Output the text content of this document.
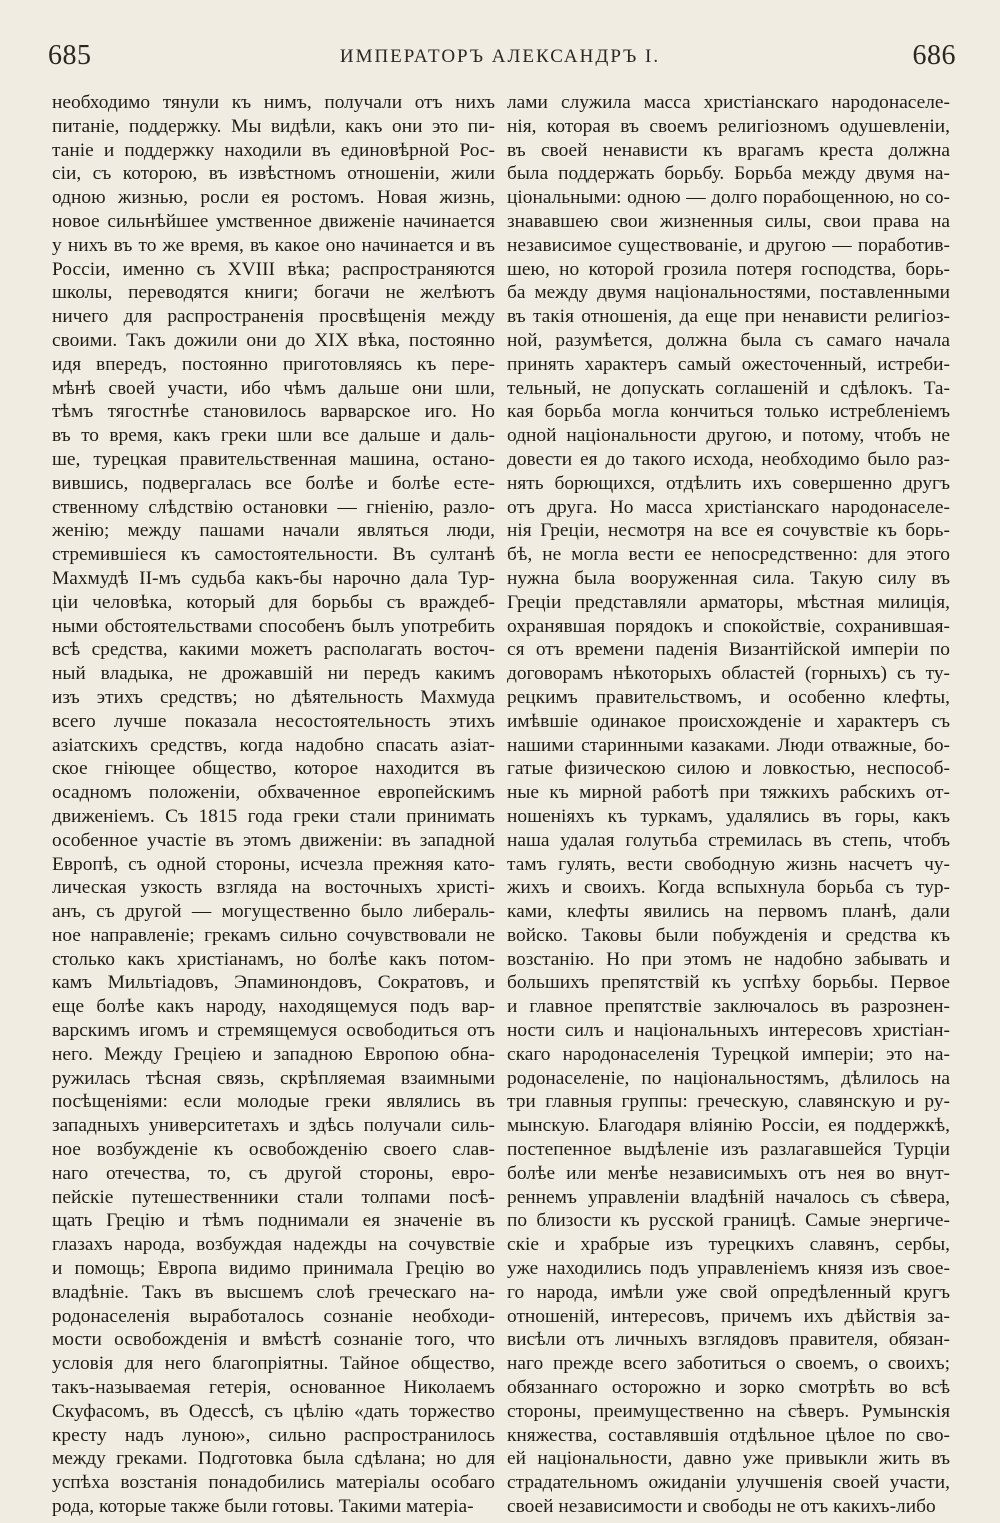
685	ИМПЕРАТОРЪ АЛЕКСАНДРЪ I.	686
необходимо тянули къ нимъ, получали отъ нихъ
питаніе, поддержку. Мы видѣли, какъ они это пи-
таніе и поддержку находили въ единовѣрной Рос-
сіи, съ которою, въ извѣстномъ отношеніи, жили
одною жизнью, росли ея ростомъ. Новая жизнь,
новое сильнѣйшее умственное движеніе начинается
у нихъ въ то же время, въ какое оно начинается и въ
Россіи, именно съ XVIII вѣка; распространяются
школы, переводятся книги; богачи не желѣютъ
ничего для распространенія просвѣщенія между
своими. Такъ дожили они до XIX вѣка, постоянно
идя впередъ, постоянно приготовляясь къ пере-
мѣнѣ своей участи, ибо чѣмъ дальше они шли,
тѣмъ тягостнѣе становилось варварское иго. Но
въ то время, какъ греки шли все дальше и даль-
ше, турецкая правительственная машина, остано-
вившись, подвергалась все болѣе и болѣе есте-
ственному слѣдствію остановки — гніенію, разло-
женію; между пашами начали являться люди,
стремившіеся къ самостоятельности. Въ султанѣ
Махмудѣ II-мъ судьба какъ-бы нарочно дала Тур-
ціи человѣка, который для борьбы съ враждеб-
ными обстоятельствами способенъ былъ употребить
всѣ средства, какими можетъ располагать восточ-
ный владыка, не дрожавшій ни передъ какимъ
изъ этихъ средствъ; но дѣятельность Махмуда
всего лучше показала несостоятельность этихъ
азіатскихъ средствъ, когда надобно спасать азіат-
ское гніющее общество, которое находится въ
осадномъ положеніи, обхваченное европейскимъ
движеніемъ. Съ 1815 года греки стали принимать
особенное участіе въ этомъ движеніи: въ западной
Европѣ, съ одной стороны, исчезла прежняя като-
лическая узкость взгляда на восточныхъ христі-
анъ, съ другой — могущественно было либераль-
ное направленіе; грекамъ сильно сочувствовали не
столько какъ христіанамъ, но болѣе какъ потом-
камъ Мильтіадовъ, Эпаминондовъ, Сократовъ, и
еще болѣе какъ народу, находящемуся подъ вар-
варскимъ игомъ и стремящемуся освободиться отъ
него. Между Греціею и западною Европою обна-
ружилась тѣсная связь, скрѣпляемая взаимными
посѣщеніями: если молодые греки являлись въ
западныхъ университетахъ и здѣсь получали силь-
ное возбужденіе къ освобожденію своего слав-
наго отечества, то, съ другой стороны, евро-
пейскіе путешественники стали толпами посѣ-
щать Грецію и тѣмъ поднимали ея значеніе въ
глазахъ народа, возбуждая надежды на сочувствіе
и помощь; Европа видимо принимала Грецію во
владѣніе. Такъ въ высшемъ слоѣ греческаго на-
родонаселенія выработалось сознаніе необходи-
мости освобожденія и вмѣстѣ сознаніе того, что
условія для него благопріятны. Тайное общество,
такъ-называемая гетерія, основанное Николаемъ
Скуфасомъ, въ Одессѣ, съ цѣлію «дать торжество
кресту надъ луною», сильно распространилось
между греками. Подготовка была сдѣлана; но для
успѣха возстанія понадобились матеріалы особаго
рода, которые также были готовы. Такими матеріа-
лами служила масса христіанскаго народонаселе-
нія, которая въ своемъ религіозномъ одушевленіи,
въ своей ненависти къ врагамъ креста должна
была поддержать борьбу. Борьба между двумя на-
ціональными: одною — долго порабощенною, но со-
знававшею свои жизненныя силы, свои права на
независимое существованіе, и другою — поработив-
шею, но которой грозила потеря господства, борь-
ба между двумя національностями, поставленными
въ такія отношенія, да еще при ненависти религіоз-
ной, разумѣется, должна была съ самаго начала
принять характеръ самый ожесточенный, истреби-
тельный, не допускать соглашеній и сдѣлокъ. Та-
кая борьба могла кончиться только истребленіемъ
одной національности другою, и потому, чтобъ не
довести ея до такого исхода, необходимо было раз-
нять борющихся, отдѣлить ихъ совершенно другъ
отъ друга. Но масса христіанскаго народонаселе-
нія Греціи, несмотря на все ея сочувствіе къ борь-
бѣ, не могла вести ее непосредственно: для этого
нужна была вооруженная сила. Такую силу въ
Греціи представляли арматоры, мѣстная милиція,
охранявшая порядокъ и спокойствіе, сохранившая-
ся отъ времени паденія Византійской имперіи по
договорамъ нѣкоторыхъ областей (горныхъ) съ ту-
рецкимъ правительствомъ, и особенно клефты,
имѣвшіе одинакое происхожденіе и характеръ съ
нашими старинными казаками. Люди отважные, бо-
гатые физическою силою и ловкостью, неспособ-
ные къ мирной работѣ при тяжкихъ рабскихъ от-
ношеніяхъ къ туркамъ, удалялись въ горы, какъ
наша удалая голутьба стремилась въ степь, чтобъ
тамъ гулять, вести свободную жизнь насчетъ чу-
жихъ и своихъ. Когда вспыхнула борьба съ тур-
ками, клефты явились на первомъ планѣ, дали
войско. Таковы были побужденія и средства къ
возстанію. Но при этомъ не надобно забывать и
большихъ препятствій къ успѣху борьбы. Первое
и главное препятствіе заключалось въ разрознен-
ности силъ и національныхъ интересовъ христіан-
скаго народонаселенія Турецкой имперіи; это на-
родонаселеніе, по національностямъ, дѣлилось на
три главныя группы: греческую, славянскую и ру-
мынскую. Благодаря вліянію Россіи, ея поддержкѣ,
постепенное выдѣленіе изъ разлагавшейся Турціи
болѣе или менѣе независимыхъ отъ нея во внут-
реннемъ управленіи владѣній началось съ сѣвера,
по близости къ русской границѣ. Самые энергиче-
скіе и храбрые изъ турецкихъ славянъ, сербы,
уже находились подъ управленіемъ князя изъ свое-
го народа, имѣли уже свой опредѣленный кругъ
отношеній, интересовъ, причемъ ихъ дѣйствія за-
висѣли отъ личныхъ взглядовъ правителя, обязан-
наго прежде всего заботиться о своемъ, о своихъ;
обязаннаго осторожно и зорко смотрѣть во всѣ
стороны, преимущественно на сѣверъ. Румынскія
княжества, составлявшія отдѣльное цѣлое по сво-
ей національности, давно уже привыкли жить въ
страдательномъ ожиданіи улучшенія своей участи,
своей независимости и свободы не отъ какихъ-либо
